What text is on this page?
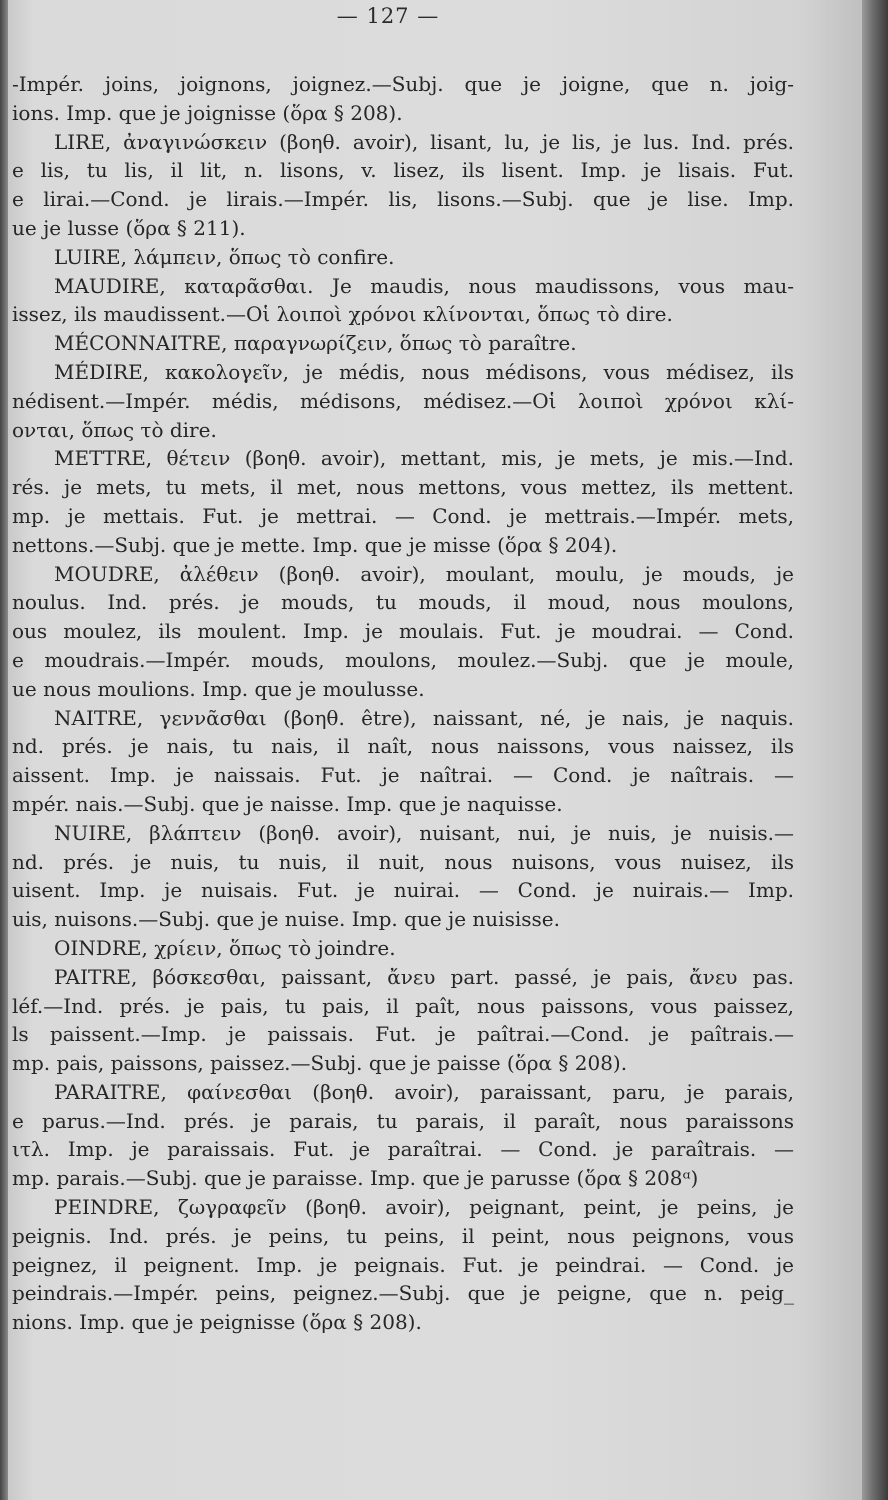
— 127 —
-Impér. joins, joignons, joignez.—Subj. que je joigne, que n. joig-
ions. Imp. que je joignisse (ὅρα § 208).
LIRE, ἀναγινώσκειν (βοηθ. avoir), lisant, lu, je lis, je lus. Ind. prés.
e lis, tu lis, il lit, n. lisons, v. lisez, ils lisent. Imp. je lisais. Fut.
e lirai.—Cond. je lirais.—Impér. lis, lisons.—Subj. que je lise. Imp.
ue je lusse (ὅρα § 211).
LUIRE, λάμπειν, ὅπως τὸ confire.
MAUDIRE, καταρᾶσθαι. Je maudis, nous maudissons, vous mau-
issez, ils maudissent.—Οἱ λοιποὶ χρόνοι κλίνονται, ὅπως τὸ dire.
MÉCONNAITRE, παραγνωρίζειν, ὅπως τὸ paraître.
MÉDIRE, κακολογεῖν, je médis, nous médisons, vous médisez, ils
nédisent.—Impér. médis, médisons, médisez.—Οἱ λοιποὶ χρόνοι κλί-
ονται, ὅπως τὸ dire.
METTRE, θέτειν (βοηθ. avoir), mettant, mis, je mets, je mis.—Ind.
rés. je mets, tu mets, il met, nous mettons, vous mettez, ils mettent.
mp. je mettais. Fut. je mettrai. — Cond. je mettrais.—Impér. mets,
nettons.—Subj. que je mette. Imp. que je misse (ὅρα § 204).
MOUDRE, ἀλέθειν (βοηθ. avoir), moulant, moulu, je mouds, je
noulus. Ind. prés. je mouds, tu mouds, il moud, nous moulons,
ous moulez, ils moulent. Imp. je moulais. Fut. je moudrai. — Cond.
e moudrais.—Impér. mouds, moulons, moulez.—Subj. que je moule,
ue nous moulions. Imp. que je moulusse.
NAITRE, γεννᾶσθαι (βοηθ. être), naissant, né, je nais, je naquis.
nd. prés. je nais, tu nais, il naît, nous naissons, vous naissez, ils
aissent. Imp. je naissais. Fut. je naîtrai. — Cond. je naîtrais. —
mpér. nais.—Subj. que je naisse. Imp. que je naquisse.
NUIRE, βλάπτειν (βοηθ. avoir), nuisant, nui, je nuis, je nuisis.—
nd. prés. je nuis, tu nuis, il nuit, nous nuisons, vous nuisez, ils
uisent. Imp. je nuisais. Fut. je nuirai. — Cond. je nuirais.— Imp.
uis, nuisons.—Subj. que je nuise. Imp. que je nuisisse.
OINDRE, χρίειν, ὅπως τὸ joindre.
PAITRE, βόσκεσθαι, paissant, ἄνευ part. passé, je pais, ἄνευ pas.
léf.—Ind. prés. je pais, tu pais, il paît, nous paissons, vous paissez,
ls paissent.—Imp. je paissais. Fut. je paîtrai.—Cond. je paîtrais.—
mp. pais, paissons, paissez.—Subj. que je paisse (ὅρα § 208).
PARAITRE, φαίνεσθαι (βοηθ. avoir), paraissant, paru, je parais,
e parus.—Ind. prés. je parais, tu parais, il paraît, nous paraissons
ιτλ. Imp. je paraissais. Fut. je paraîtrai. — Cond. je paraîtrais. —
mp. parais.—Subj. que je paraisse. Imp. que je parusse (ὅρα § 208ᵅ)
PEINDRE, ζωγραφεῖν (βοηθ. avoir), peignant, peint, je peins, je
peignis. Ind. prés. je peins, tu peins, il peint, nous peignons, vous
peignez, il peignent. Imp. je peignais. Fut. je peindrai. — Cond. je
peindrais.—Impér. peins, peignez.—Subj. que je peigne, que n. peig_
nions. Imp. que je peignisse (ὅρα § 208).
